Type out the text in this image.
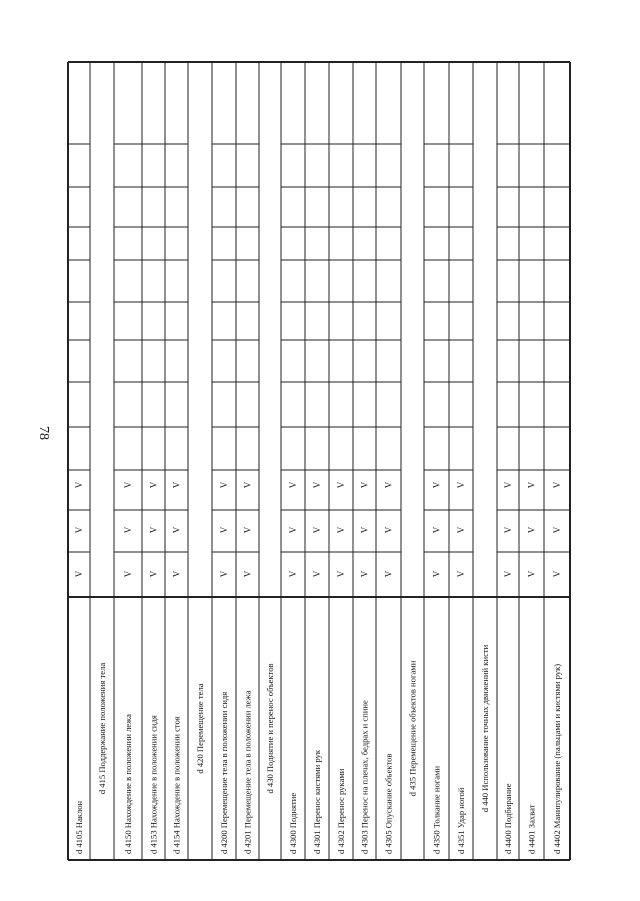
78

d 4105 Наклон
V
V
V
d 415 Поддержание положения тела d 4150 Нахождение в положении лежа
V
V
V
d 4153 Нахождение в положении сидя
V
V
V
d 4154 Нахождение в положении стоя
V
V
V
d 420 Перемещение тела d 4200 Перемещение тела в положении сидя
V
V
V
d 4201 Перемещение тела в положении лежа
V
V
V
d 430 Поднятие и перенос объектов
d 4300 Поднятие
V
V
V
d 4301 Перенос кистями рук
V
V
V
d 4302 Перенос руками
V
V
V
d 4303 Перенос на плечах, бедрах и спине
V
V
V
d 4305 Опускание объектов
V
V
V
d 435 Перемещение объектов ногами
d 4350 Толкание ногами
V
V
V
d 4351 Удар ногой
V
V
V
d 440 Использование точных движений кисти
d 4400 Подбирание
V
V
V
d 4401 Захват
V
V
V
d 4402 Манипулирование (пальцами и кистями рук)
V
V
V
